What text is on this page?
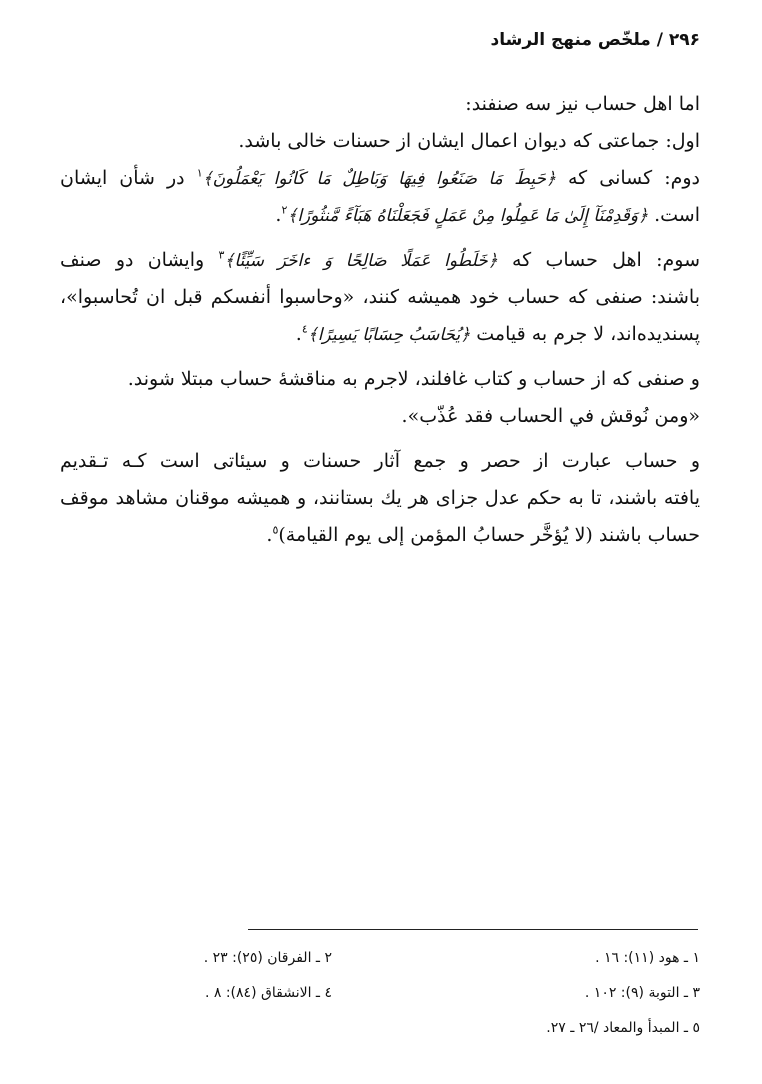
۲۹۶ / ملخّص منهج الرشاد
اما اهل حساب نيز سه صنفند:
اول: جماعتی که دیوان اعمال ایشان از حسنات خالی باشد.
دوم: کسانی که ﴿حَبِطَ مَا صَنَعُوا فِيهَا وَبَاطِلٌ مَا كَانُوا يَعْمَلُونَ﴾$^١$ در شأن ایشان
است. ﴿وَقَدِمْنَآ إِلَىٰ مَا عَمِلُوا مِنْ عَمَلٍ فَجَعَلْنَاهُ هَبَآءً مَّنثُورًا﴾$^٢$.
سوم: اهل حساب که ﴿خَلَطُوا عَمَلًا صَالِحًا وَ ءاخَرَ سَيِّئًا﴾$^٣$ وایشان دو صنف
باشند: صنفی که حساب خود همیشه کنند، «وحاسبوا أنفسكم قبل ان تُحاسبوا»،
پسندیده‌اند، لا جرم به قیامت ﴿يُحَاسَبُ حِسَابًا يَسِيرًا﴾$^٤$.
و صنفی که از حساب و کتاب غافلند، لاجرم به مناقشهٔ حساب مبتلا شوند.
«ومن نُوقش في الحساب فقد عُذّب».
و حساب عبارت از حصر و جمع آثار حسنات و سیئاتی است کـه تـقدیم
یافته باشند، تا به حکم عدل جزای هر یك بستانند، و همیشه موقنان مشاهد موقف
حساب باشند (لا يُؤخَّر حسابُ المؤمن إلى يوم القيامة)$^٥$.
١ ـ هود (١١): ١٦ .
٢ ـ الفرقان (٢٥): ٢٣ .
٣ ـ التوبة (٩): ١٠٢ .
٤ ـ الانشقاق (٨٤): ٨ .
٥ ـ المبدأ والمعاد /٢٦ ـ ٢٧.
